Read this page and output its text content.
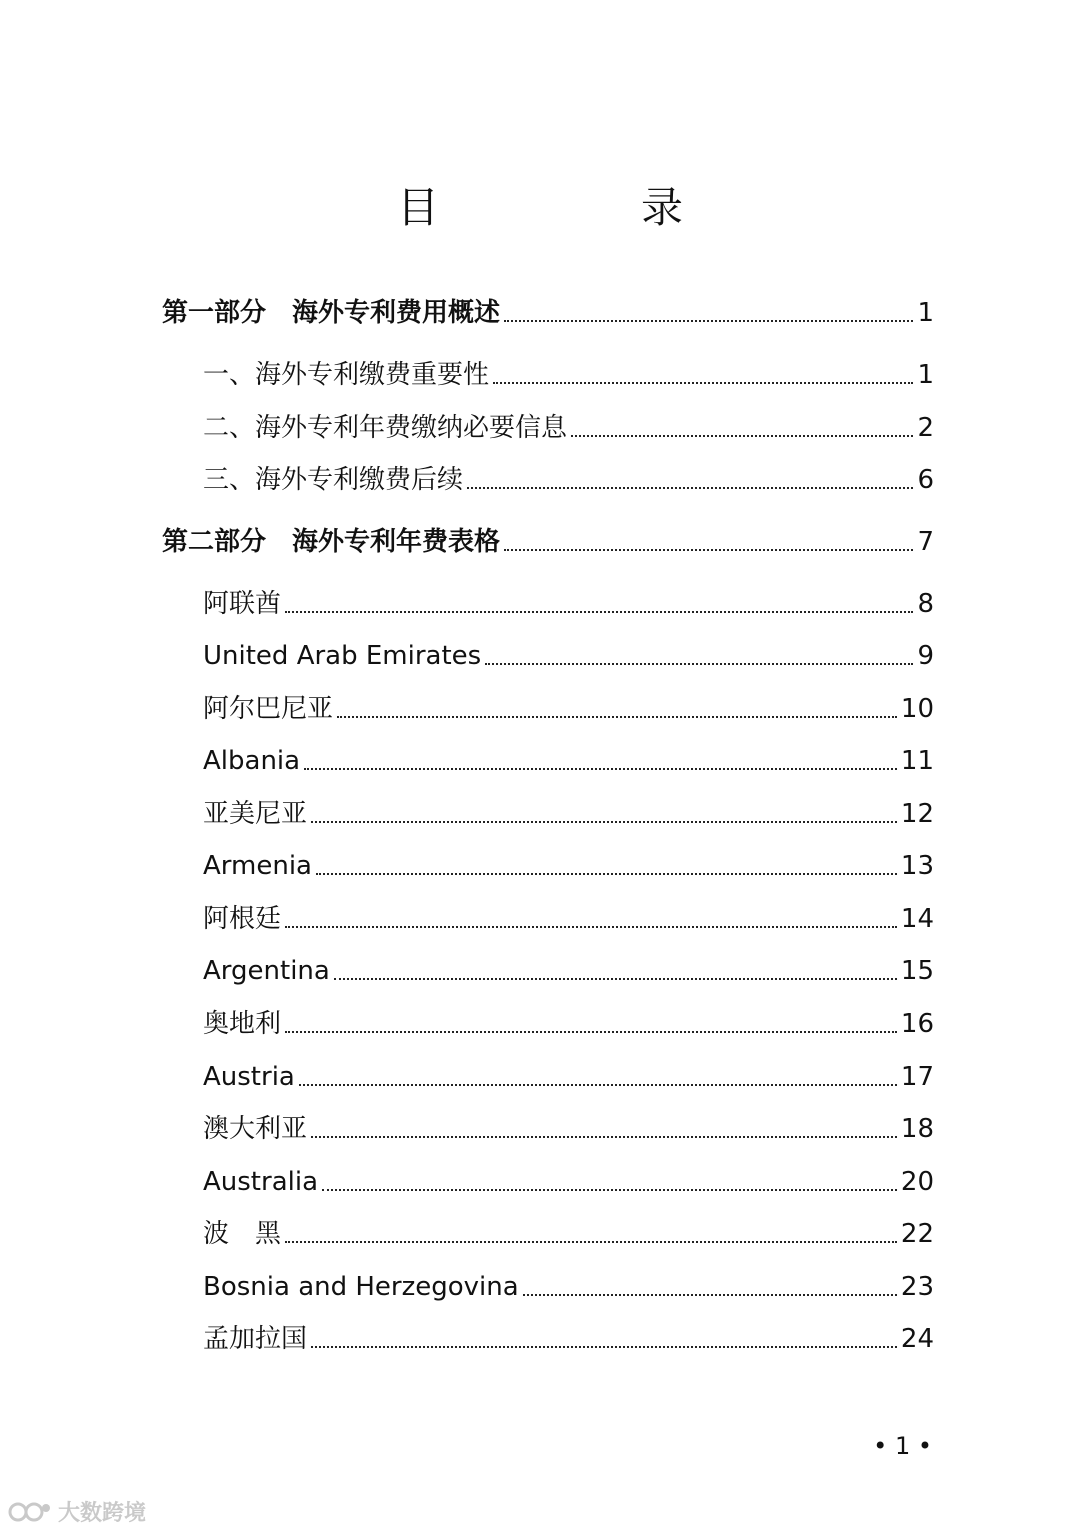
目　录
第一部分　海外专利费用概述	1
一、海外专利缴费重要性	1
二、海外专利年费缴纳必要信息	2
三、海外专利缴费后续	6
第二部分　海外专利年费表格	7
阿联酋	8
United Arab Emirates	9
阿尔巴尼亚	10
Albania	11
亚美尼亚	12
Armenia	13
阿根廷	14
Argentina	15
奥地利	16
Austria	17
澳大利亚	18
Australia	20
波　黑	22
Bosnia and Herzegovina	23
孟加拉国	24
• 1 •
大数跨境
